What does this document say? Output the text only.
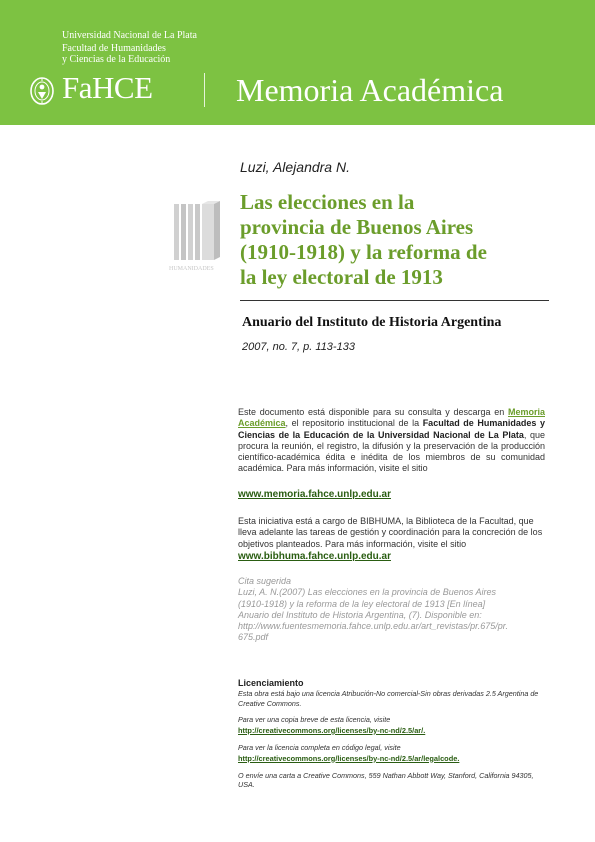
Universidad Nacional de La Plata
Facultad de Humanidades
y Ciencias de la Educación
FaHCE	Memoria Académica
HUMANIDADES
Luzi, Alejandra N.
Las elecciones en la
provincia de Buenos Aires
(1910-1918) y la reforma de
la ley electoral de 1913
Anuario del Instituto de Historia Argentina
2007, no. 7, p. 113-133
Este documento está disponible para su consulta y descarga en Memoria Académica, el repositorio institucional de la Facultad de Humanidades y Ciencias de la Educación de la Universidad Nacional de La Plata, que procura la reunión, el registro, la difusión y la preservación de la producción científico-académica édita e inédita de los miembros de su comunidad académica. Para más información, visite el sitio
www.memoria.fahce.unlp.edu.ar
Esta iniciativa está a cargo de BIBHUMA, la Biblioteca de la Facultad, que lleva adelante las tareas de gestión y coordinación para la concreción de los objetivos planteados. Para más información, visite el sitio
www.bibhuma.fahce.unlp.edu.ar
Cita sugerida
Luzi, A. N.(2007) Las elecciones en la provincia de Buenos Aires
(1910-1918) y la reforma de la ley electoral de 1913 [En línea]
Anuario del Instituto de Historia Argentina, (7). Disponible en:
http://www.fuentesmemoria.fahce.unlp.edu.ar/art_revistas/pr.675/pr.
675.pdf
Licenciamiento
Esta obra está bajo una licencia Atribución-No comercial-Sin obras derivadas 2.5 Argentina de Creative Commons.
Para ver una copia breve de esta licencia, visite
http://creativecommons.org/licenses/by-nc-nd/2.5/ar/.
Para ver la licencia completa en código legal, visite
http://creativecommons.org/licenses/by-nc-nd/2.5/ar/legalcode.
O envíe una carta a Creative Commons, 559 Nathan Abbott Way, Stanford, California 94305, USA.
